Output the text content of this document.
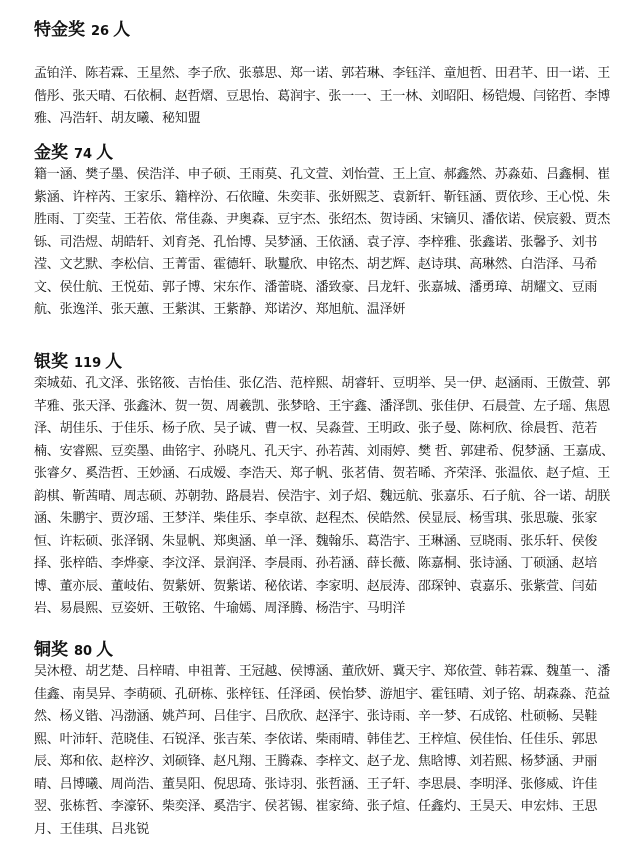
特金奖 26 人
孟铂洋、陈若霖、王星然、李子欣、张慕思、郑一诺、郭若琳、李钰洋、童旭哲、田君芊、田一诺、王偕彤、张天晴、石依桐、赵哲熠、豆思怡、葛润宇、张一一、王一林、刘昭阳、杨铠熳、闫铭哲、李博雅、冯浩轩、胡友曦、秘知盟
金奖 74 人
籍一涵、樊子墨、侯浩洋、申子硕、王雨莫、孔文萱、刘怡萱、王上宣、郝鑫然、苏淼茹、吕鑫桐、崔紫涵、许梓芮、王家乐、籍梓汾、石依瞳、朱奕菲、张妍熙芝、袁新轩、靳钰涵、贾依珍、王心悦、朱胜雨、丁奕莹、王若依、常佳淼、尹奥森、豆宇杰、张绍杰、贺诗函、宋镝贝、潘依诺、侯宸毅、贾杰铄、司浩煜、胡皓轩、刘育尧、孔怡博、吴梦涵、王依涵、袁子淳、李梓雅、张鑫诺、张馨予、刘书滢、文艺默、李松信、王菁雷、霍德轩、耿鬘欣、申铭杰、胡艺辉、赵诗琪、高琳然、白浩泽、马希文、侯仕航、王悦茹、郭子博、宋东作、潘蕾晓、潘致豪、吕龙轩、张嘉城、潘勇璋、胡耀文、豆雨航、张逸洋、张天蕙、王紫淇、王紫静、郑诺汐、郑旭航、温泽妍
银奖 119 人
栾城茹、孔文泽、张铭筱、吉怡佳、张亿浩、范梓熙、胡睿轩、豆明举、吴一伊、赵涵雨、王傲萱、郭芊雅、张天泽、张鑫沐、贺一贺、周羲凯、张梦晗、王宇鑫、潘泽凯、张佳伊、石晨萱、左子瑶、焦恩泽、胡佳乐、于佳乐、杨子欣、吴子诚、曹一权、吴淼萱、王明政、张子曼、陈柯欣、徐晨哲、范若楠、安睿熙、豆奕墨、曲铭宇、孙晓凡、孔天宇、孙若茜、刘雨婷、樊 哲、郭建希、倪梦涵、王嘉成、张睿夕、奚浩哲、王妙涵、石成嫒、李浩天、郑子帆、张茗倩、贺若晞、齐荣泽、张温依、赵子煊、王韵棋、靳茜晴、周志硕、苏朝勃、路晨岩、侯浩宇、刘子炤、魏远航、张嘉乐、石子航、谷一诺、胡朕涵、朱鹏宇、贾汐瑶、王梦洋、柴佳乐、李卓欲、赵程杰、侯皓然、侯显辰、杨雪琪、张思璇、张家恒、许耘硕、张泽钢、朱显帆、郑奥涵、单一泽、魏翰乐、葛浩宇、王琳涵、豆晓雨、张乐轩、侯俊择、张梓皓、李烨豪、李汶泽、景润泽、李晨雨、孙若涵、薛长薇、陈嘉桐、张诗涵、丁硕涵、赵培博、董亦辰、董岐佑、贺紫妍、贺紫诺、秘依诺、李家明、赵辰涛、邵琛钟、袁嘉乐、张紫萱、闫茹岩、易晨熙、豆姿妍、王敬铭、牛瑜嫣、周泽腾、杨浩宇、马明洋
铜奖 80 人
吴沐橙、胡艺楚、吕梓晴、申祖菁、王冠越、侯博涵、董欣妍、冀天宇、郑依萱、韩若霖、魏堇一、潘佳鑫、南昊异、李萌硕、孔研栋、张梓钰、任泽函、侯怡梦、游旭宇、霍钰晴、刘子铭、胡森淼、范益然、杨义锴、冯渤涵、姚芦珂、吕佳宇、吕欣欣、赵泽宇、张诗雨、辛一梦、石成铭、杜硕畅、吴鞋熙、叶沛轩、范晓佳、石锐泽、张吉茱、李依诺、柴雨晴、韩佳艺、王梓煊、侯佳怡、任佳乐、郭思辰、郑和依、赵梓汐、刘硕锋、赵凡翔、王腾森、李梓文、赵子龙、焦晗博、刘若熙、杨梦涵、尹丽晴、吕博曦、周尚浩、董昊阳、倪思琦、张诗羽、张哲涵、王子轩、李思晨、李明泽、张修威、许佳翌、张栋哲、李濠钚、柴奕泽、奚浩宇、侯茗锡、崔家绮、张子煊、任鑫灼、王昊天、申宏炜、王思月、王佳琪、吕兆锐
